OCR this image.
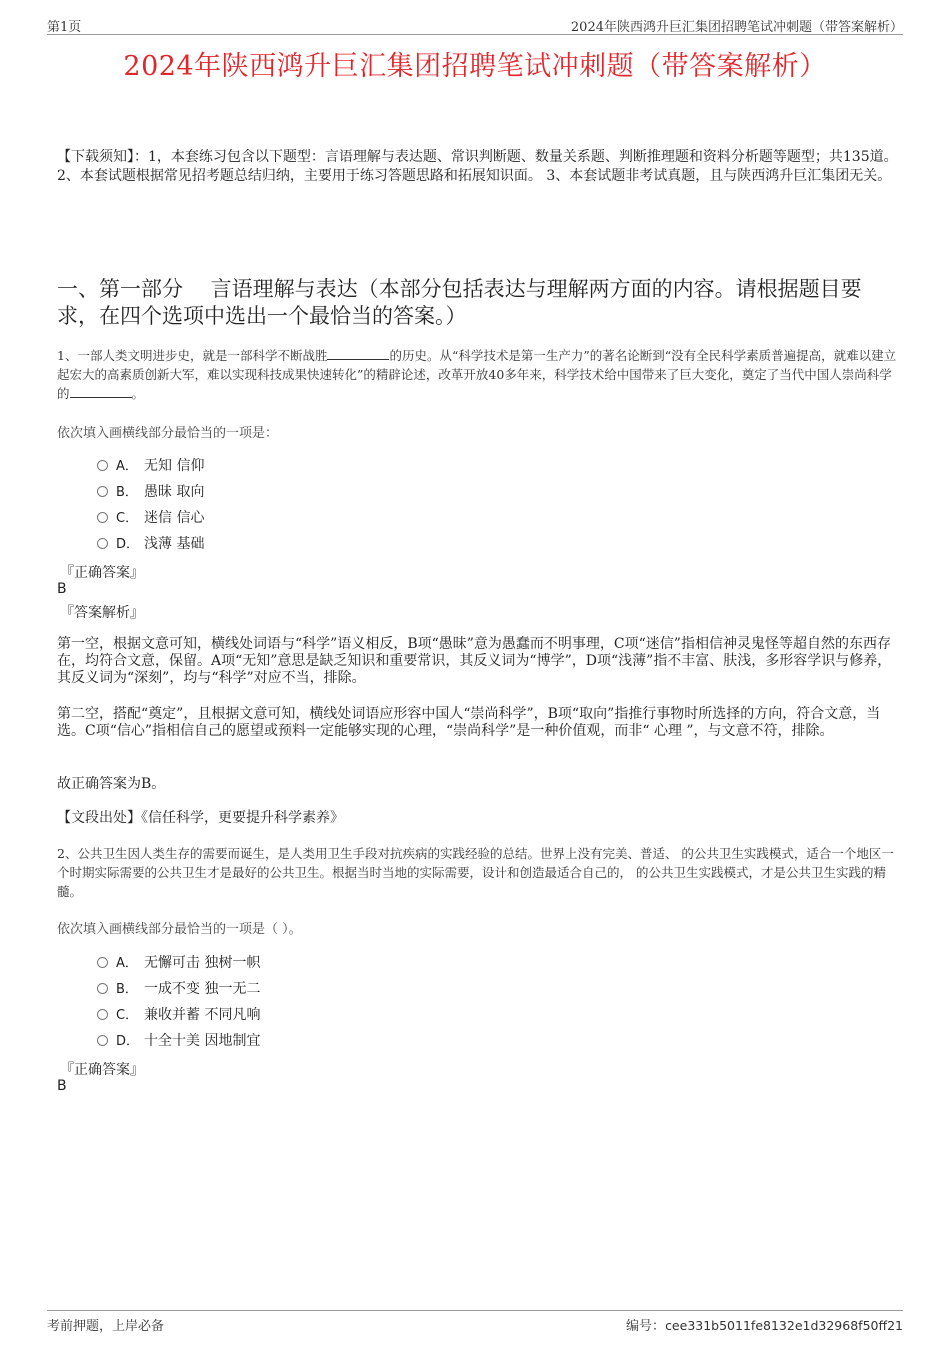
第1页	2024年陕西鸿升巨汇集团招聘笔试冲刺题（带答案解析）
2024年陕西鸿升巨汇集团招聘笔试冲刺题（带答案解析）
【下载须知】：1，本套练习包含以下题型：言语理解与表达题、常识判断题、数量关系题、判断推理题和资料分析题等题型；共135道。 2、本套试题根据常见招考题总结归纳，主要用于练习答题思路和拓展知识面。 3、本套试题非考试真题，且与陕西鸿升巨汇集团无关。
一、第一部分　 言语理解与表达（本部分包括表达与理解两方面的内容。请根据题目要求，在四个选项中选出一个最恰当的答案。）
1、一部人类文明进步史，就是一部科学不断战胜	的历史。从“科学技术是第一生产力”的著名论断到“没有全民科学素质普遍提高，就难以建立起宏大的高素质创新大军，难以实现科技成果快速转化”的精辟论述，改革开放40多年来，科学技术给中国带来了巨大变化，奠定了当代中国人崇尚科学的	。
依次填入画横线部分最恰当的一项是：
A． 无知 信仰
B． 愚昧 取向
C． 迷信 信心
D． 浅薄 基础
『正确答案』
B
『答案解析』
第一空，根据文意可知，横线处词语与“科学”语义相反，B项“愚昧”意为愚蠢而不明事理，C项“迷信”指相信神灵鬼怪等超自然的东西存在，均符合文意，保留。A项“无知”意思是缺乏知识和重要常识，其反义词为“博学”，D项“浅薄”指不丰富、肤浅，多形容学识与修养，其反义词为“深刻”，均与“科学”对应不当，排除。
第二空，搭配“奠定”，且根据文意可知，横线处词语应形容中国人“崇尚科学”，B项“取向”指推行事物时所选择的方向，符合文意，当选。C项“信心”指相信自己的愿望或预料一定能够实现的心理，“崇尚科学”是一种价值观，而非“ 心理 ”，与文意不符，排除。
故正确答案为B。
【文段出处】《信任科学，更要提升科学素养》
2、公共卫生因人类生存的需要而诞生，是人类用卫生手段对抗疾病的实践经验的总结。世界上没有完美、普适、 的公共卫生实践模式，适合一个地区一个时期实际需要的公共卫生才是最好的公共卫生。根据当时当地的实际需要，设计和创造最适合自己的， 的公共卫生实践模式，才是公共卫生实践的精髓。
依次填入画横线部分最恰当的一项是（ ）。
A． 无懈可击 独树一帜
B． 一成不变 独一无二
C． 兼收并蓄 不同凡响
D． 十全十美 因地制宜
『正确答案』
B
考前押题，上岸必备	编号：cee331b5011fe8132e1d32968f50ff21
